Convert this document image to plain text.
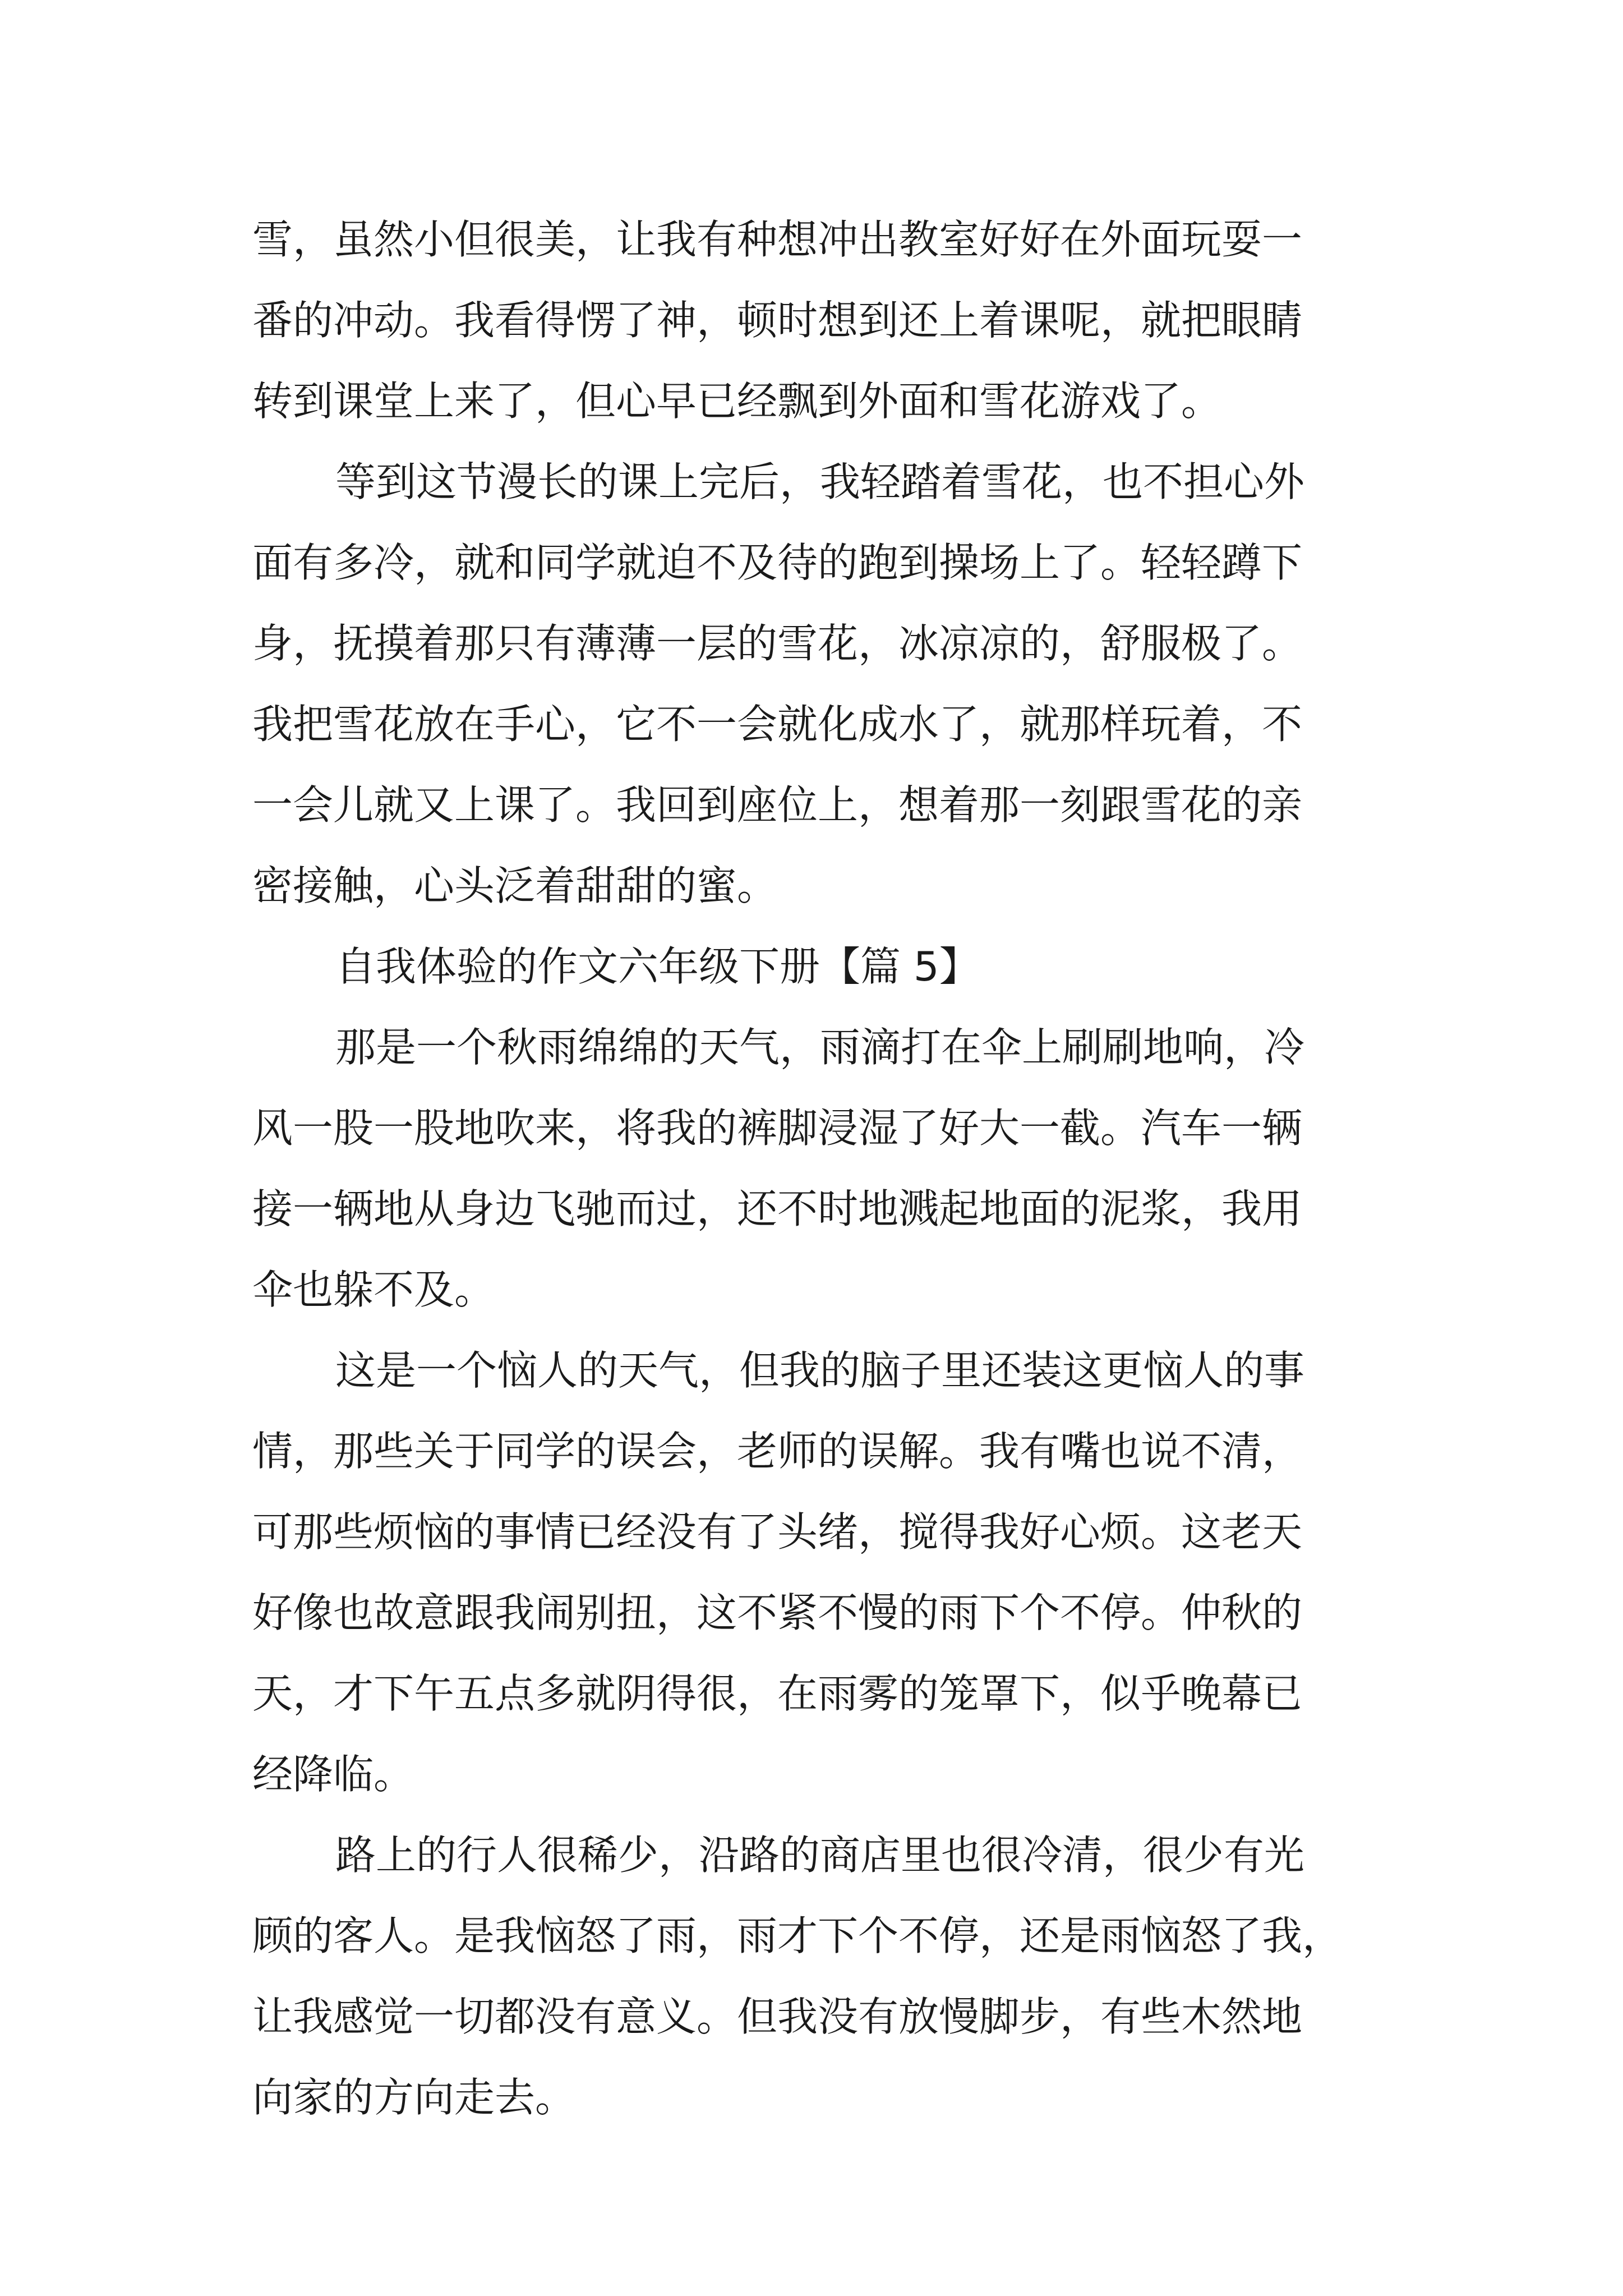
雪，虽然小但很美，让我有种想冲出教室好好在外面玩耍一
番的冲动。我看得愣了神，顿时想到还上着课呢，就把眼睛
转到课堂上来了，但心早已经飘到外面和雪花游戏了。
等到这节漫长的课上完后，我轻踏着雪花，也不担心外
面有多冷，就和同学就迫不及待的跑到操场上了。轻轻蹲下
身，抚摸着那只有薄薄一层的雪花，冰凉凉的，舒服极了。
我把雪花放在手心，它不一会就化成水了，就那样玩着，不
一会儿就又上课了。我回到座位上，想着那一刻跟雪花的亲
密接触，心头泛着甜甜的蜜。
自我体验的作文六年级下册【篇 5】
那是一个秋雨绵绵的天气，雨滴打在伞上刷刷地响，冷
风一股一股地吹来，将我的裤脚浸湿了好大一截。汽车一辆
接一辆地从身边飞驰而过，还不时地溅起地面的泥浆，我用
伞也躲不及。
这是一个恼人的天气，但我的脑子里还装这更恼人的事
情，那些关于同学的误会，老师的误解。我有嘴也说不清，
可那些烦恼的事情已经没有了头绪，搅得我好心烦。这老天
好像也故意跟我闹别扭，这不紧不慢的雨下个不停。仲秋的
天，才下午五点多就阴得很，在雨雾的笼罩下，似乎晚幕已
经降临。
路上的行人很稀少，沿路的商店里也很冷清，很少有光
顾的客人。是我恼怒了雨，雨才下个不停，还是雨恼怒了我，
让我感觉一切都没有意义。但我没有放慢脚步，有些木然地
向家的方向走去。
